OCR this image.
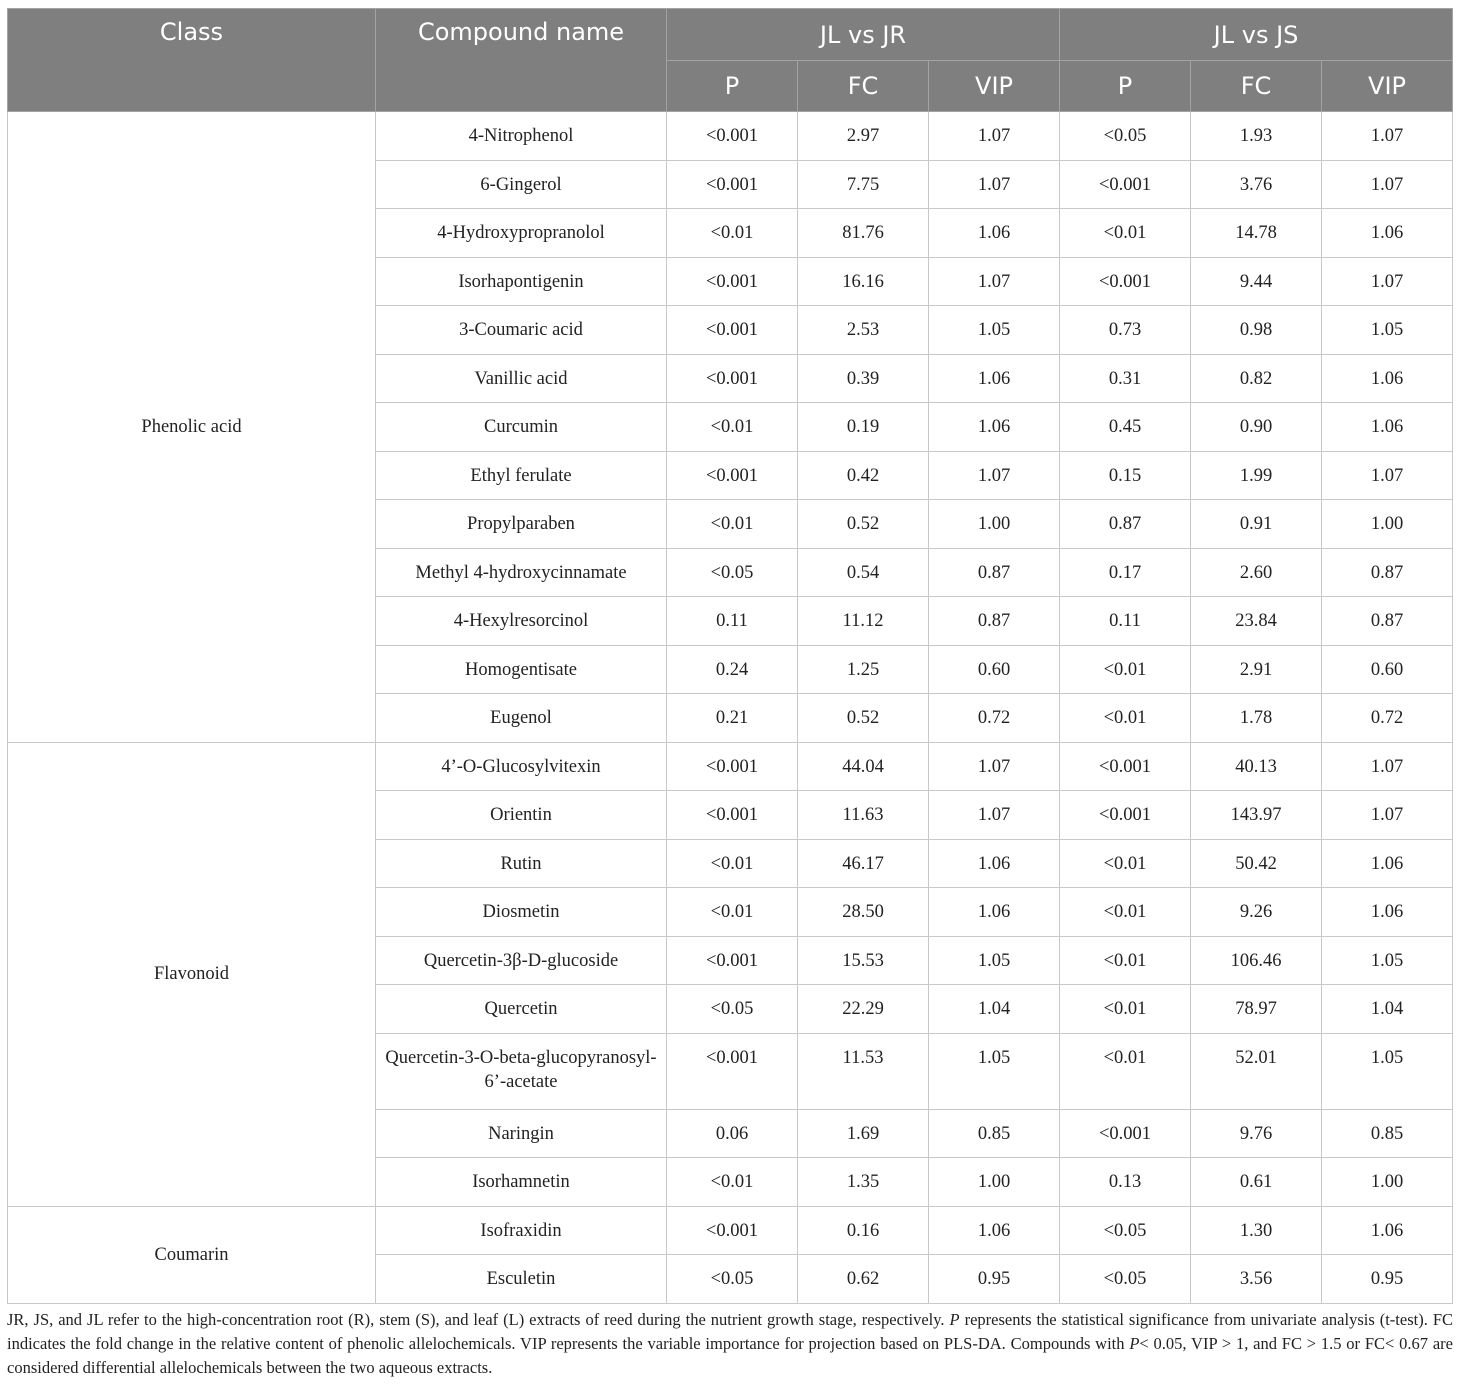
Class	Compound name	JL vs JR			JL vs JS		
		P	FC	VIP	P	FC	VIP
Phenolic acid	4-Nitrophenol	<0.001	2.97	1.07	<0.05	1.93	1.07
	6-Gingerol	<0.001	7.75	1.07	<0.001	3.76	1.07
	4-Hydroxypropranolol	<0.01	81.76	1.06	<0.01	14.78	1.06
	Isorhapontigenin	<0.001	16.16	1.07	<0.001	9.44	1.07
	3-Coumaric acid	<0.001	2.53	1.05	0.73	0.98	1.05
	Vanillic acid	<0.001	0.39	1.06	0.31	0.82	1.06
	Curcumin	<0.01	0.19	1.06	0.45	0.90	1.06
	Ethyl ferulate	<0.001	0.42	1.07	0.15	1.99	1.07
	Propylparaben	<0.01	0.52	1.00	0.87	0.91	1.00
	Methyl 4-hydroxycinnamate	<0.05	0.54	0.87	0.17	2.60	0.87
	4-Hexylresorcinol	0.11	11.12	0.87	0.11	23.84	0.87
	Homogentisate	0.24	1.25	0.60	<0.01	2.91	0.60
	Eugenol	0.21	0.52	0.72	<0.01	1.78	0.72
Flavonoid	4’-O-Glucosylvitexin	<0.001	44.04	1.07	<0.001	40.13	1.07
	Orientin	<0.001	11.63	1.07	<0.001	143.97	1.07
	Rutin	<0.01	46.17	1.06	<0.01	50.42	1.06
	Diosmetin	<0.01	28.50	1.06	<0.01	9.26	1.06
	Quercetin-3β-D-glucoside	<0.001	15.53	1.05	<0.01	106.46	1.05
	Quercetin	<0.05	22.29	1.04	<0.01	78.97	1.04
	Quercetin-3-O-beta-glucopyranosyl-6’-acetate	<0.001	11.53	1.05	<0.01	52.01	1.05
	Naringin	0.06	1.69	0.85	<0.001	9.76	0.85
	Isorhamnetin	<0.01	1.35	1.00	0.13	0.61	1.00
Coumarin	Isofraxidin	<0.001	0.16	1.06	<0.05	1.30	1.06
	Esculetin	<0.05	0.62	0.95	<0.05	3.56	0.95
JR, JS, and JL refer to the high-concentration root (R), stem (S), and leaf (L) extracts of reed during the nutrient growth stage, respectively. P represents the statistical significance from univariate analysis (t-test). FC indicates the fold change in the relative content of phenolic allelochemicals. VIP represents the variable importance for projection based on PLS-DA. Compounds with P< 0.05, VIP > 1, and FC > 1.5 or FC< 0.67 are considered differential allelochemicals between the two aqueous extracts.
